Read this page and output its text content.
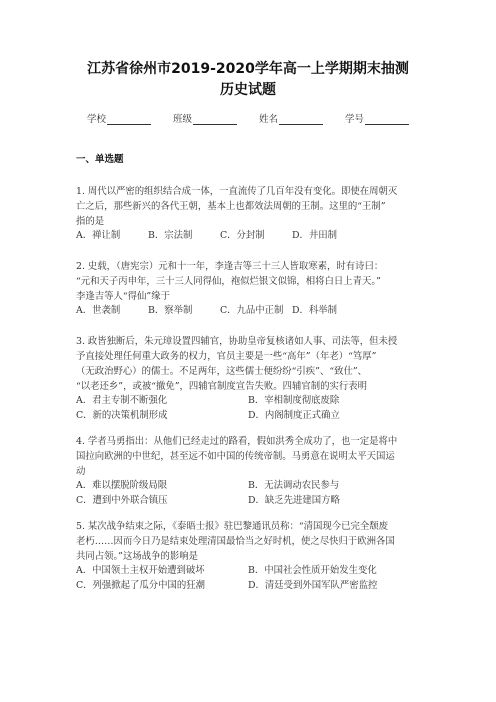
江苏省徐州市2019-2020学年高一上学期期末抽测
历史试题
学校	班级	姓名	学号
一、单选题

1. 周代以严密的组织结合成一体，一直流传了几百年没有变化。即使在周朝灭

亡之后，那些新兴的各代王朝，基本上也都效法周朝的王制。这里的“王制”

指的是

A．禅让制	B．宗法制	C．分封制	D．井田制

2. 史载，（唐宪宗）元和十一年，李逢吉等三十三人皆取寒素，时有诗曰：

“元和天子丙申年，三十三人同得仙，袍似烂银文似锦，相将白日上青天。”

李逢吉等人“得仙”缘于

A．世袭制	B．察举制	C．九品中正制 D．科举制

3. 政皆独断后，朱元璋设置四辅官，协助皇帝复核诸如人事、司法等，但未授

予直接处理任何重大政务的权力，官员主要是一些“高年”（年老）“笃厚”

（无政治野心）的儒士。不足两年，这些儒士便纷纷“引疾”、“致仕”、

“以老还乡”，或被“撤免”，四辅官制度宣告失败。四辅官制的实行表明

A．君主专制不断强化	B．宰相制度彻底废除
C．新的决策机制形成	D．内阁制度正式确立

4. 学者马勇指出：从他们已经走过的路看，假如洪秀全成功了，也一定是将中

国拉向欧洲的中世纪，甚至远不如中国的传统帝制。马勇意在说明太平天国运

动

A．难以摆脱阶级局限	B．无法调动农民参与
C．遭到中外联合镇压	D．缺乏先进建国方略

5. 某次战争结束之际，《泰晤士报》驻巴黎通讯员称：“清国现今已完全颓废

老朽……因而今日乃是结束处理清国最恰当之好时机，使之尽快归于欧洲各国

共同占领。”这场战争的影响是

A．中国领土主权开始遭到破坏	B．中国社会性质开始发生变化
C．列强掀起了瓜分中国的狂潮	D．清廷受到外国军队严密监控
